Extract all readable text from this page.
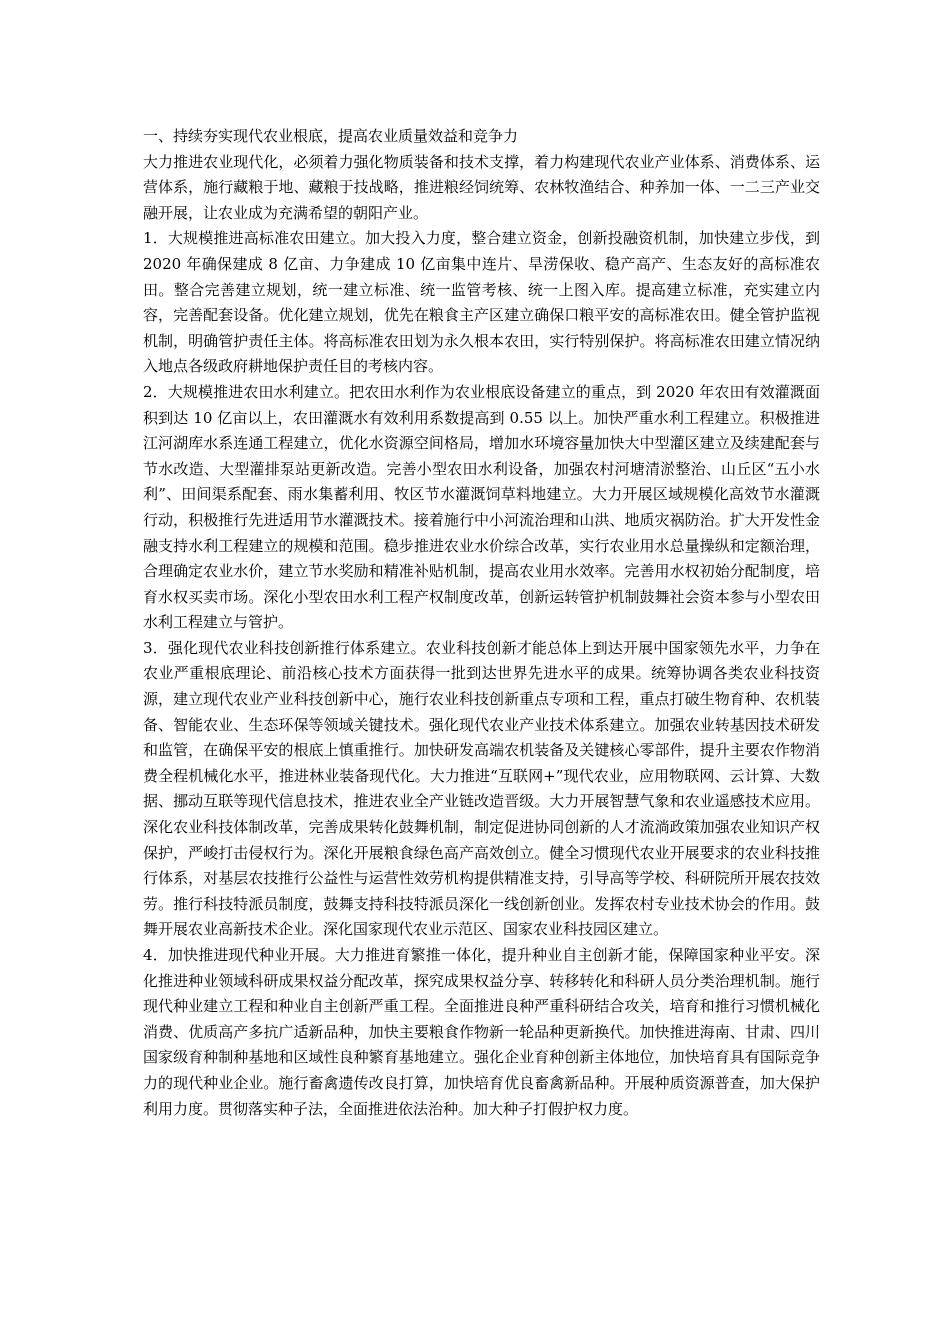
一、持续夯实现代农业根底，提高农业质量效益和竞争力

大力推进农业现代化，必须着力强化物质装备和技术支撑，着力构建现代农业产业体系、消费体系、运营体系，施行藏粮于地、藏粮于技战略，推进粮经饲统筹、农林牧渔结合、种养加一体、一二三产业交融开展，让农业成为充满希望的朝阳产业。

1．大规模推进高标准农田建立。加大投入力度，整合建立资金，创新投融资机制，加快建立步伐，到 2020 年确保建成 8 亿亩、力争建成 10 亿亩集中连片、旱涝保收、稳产高产、生态友好的高标准农田。整合完善建立规划，统一建立标准、统一监管考核、统一上图入库。提高建立标准，充实建立内容，完善配套设备。优化建立规划，优先在粮食主产区建立确保口粮平安的高标准农田。健全管护监视机制，明确管护责任主体。将高标准农田划为永久根本农田，实行特别保护。将高标准农田建立情况纳入地点各级政府耕地保护责任目的考核内容。

2．大规模推进农田水利建立。把农田水利作为农业根底设备建立的重点，到 2020 年农田有效灌溉面积到达 10 亿亩以上，农田灌溉水有效利用系数提高到 0.55 以上。加快严重水利工程建立。积极推进江河湖库水系连通工程建立，优化水资源空间格局，增加水环境容量加快大中型灌区建立及续建配套与节水改造、大型灌排泵站更新改造。完善小型农田水利设备，加强农村河塘清淤整治、山丘区“五小水利”、田间渠系配套、雨水集蓄利用、牧区节水灌溉饲草料地建立。大力开展区域规模化高效节水灌溉行动，积极推行先进适用节水灌溉技术。接着施行中小河流治理和山洪、地质灾祸防治。扩大开发性金融支持水利工程建立的规模和范围。稳步推进农业水价综合改革，实行农业用水总量操纵和定额治理，合理确定农业水价，建立节水奖励和精准补贴机制，提高农业用水效率。完善用水权初始分配制度，培育水权买卖市场。深化小型农田水利工程产权制度改革，创新运转管护机制鼓舞社会资本参与小型农田水利工程建立与管护。

3．强化现代农业科技创新推行体系建立。农业科技创新才能总体上到达开展中国家领先水平，力争在农业严重根底理论、前沿核心技术方面获得一批到达世界先进水平的成果。统筹协调各类农业科技资源，建立现代农业产业科技创新中心，施行农业科技创新重点专项和工程，重点打破生物育种、农机装备、智能农业、生态环保等领域关键技术。强化现代农业产业技术体系建立。加强农业转基因技术研发和监管，在确保平安的根底上慎重推行。加快研发高端农机装备及关键核心零部件，提升主要农作物消费全程机械化水平，推进林业装备现代化。大力推进“互联网+”现代农业，应用物联网、云计算、大数据、挪动互联等现代信息技术，推进农业全产业链改造晋级。大力开展智慧气象和农业遥感技术应用。深化农业科技体制改革，完善成果转化鼓舞机制，制定促进协同创新的人才流淌政策加强农业知识产权保护，严峻打击侵权行为。深化开展粮食绿色高产高效创立。健全习惯现代农业开展要求的农业科技推行体系，对基层农技推行公益性与运营性效劳机构提供精准支持，引导高等学校、科研院所开展农技效劳。推行科技特派员制度，鼓舞支持科技特派员深化一线创新创业。发挥农村专业技术协会的作用。鼓舞开展农业高新技术企业。深化国家现代农业示范区、国家农业科技园区建立。

4．加快推进现代种业开展。大力推进育繁推一体化，提升种业自主创新才能，保障国家种业平安。深化推进种业领域科研成果权益分配改革，探究成果权益分享、转移转化和科研人员分类治理机制。施行现代种业建立工程和种业自主创新严重工程。全面推进良种严重科研结合攻关，培育和推行习惯机械化消费、优质高产多抗广适新品种，加快主要粮食作物新一轮品种更新换代。加快推进海南、甘肃、四川国家级育种制种基地和区域性良种繁育基地建立。强化企业育种创新主体地位，加快培育具有国际竞争力的现代种业企业。施行畜禽遗传改良打算，加快培育优良畜禽新品种。开展种质资源普查，加大保护利用力度。贯彻落实种子法，全面推进依法治种。加大种子打假护权力度。
